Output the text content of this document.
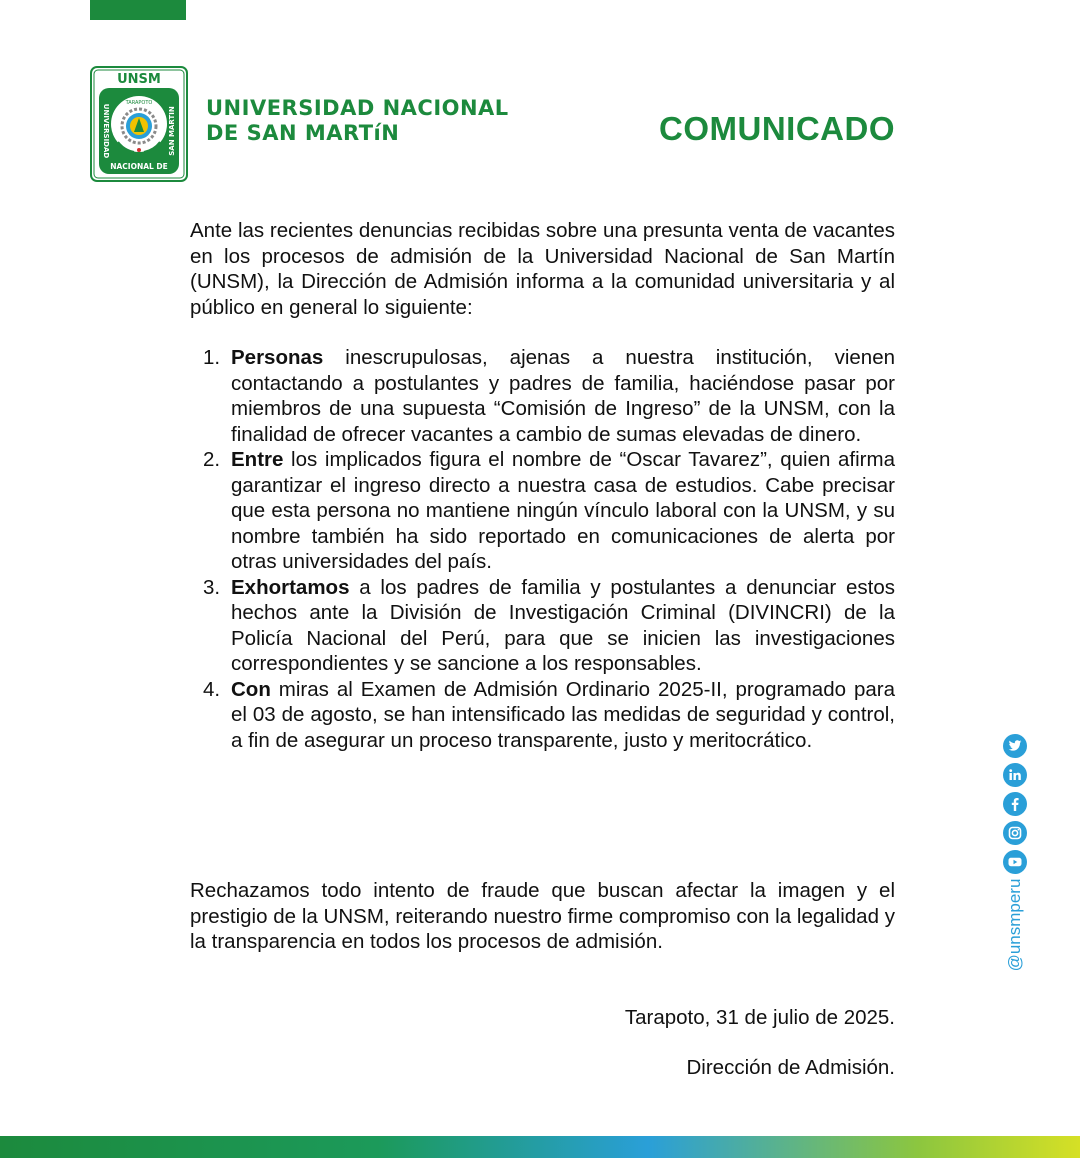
UNSM
UNIVERSIDAD	SAN MARTIN
NACIONAL DE
TARAPOTO	UNIVERSIDAD NACIONAL
DE SAN MARTíN	COMUNICADO

Ante las recientes denuncias recibidas sobre una presunta venta de vacantes en los procesos de admisión de la Universidad Nacional de San Martín (UNSM), la Dirección de Admisión informa a la comunidad universitaria y al público en general lo siguiente:

1. Personas inescrupulosas, ajenas a nuestra institución, vienen contactando a postulantes y padres de familia, haciéndose pasar por miembros de una supuesta “Comisión de Ingreso” de la UNSM, con la finalidad de ofrecer vacantes a cambio de sumas elevadas de dinero.
2. Entre los implicados figura el nombre de “Oscar Tavarez”, quien afirma garantizar el ingreso directo a nuestra casa de estudios. Cabe precisar que esta persona no mantiene ningún vínculo laboral con la UNSM, y su nombre también ha sido reportado en comunicaciones de alerta por otras universidades del país.
3. Exhortamos a los padres de familia y postulantes a denunciar estos hechos ante la División de Investigación Criminal (DIVINCRI) de la Policía Nacional del Perú, para que se inicien las investigaciones correspondientes y se sancione a los responsables.
4. Con miras al Examen de Admisión Ordinario 2025-II, programado para el 03 de agosto, se han intensificado las medidas de seguridad y control, a fin de asegurar un proceso transparente, justo y meritocrático.

Rechazamos todo intento de fraude que buscan afectar la imagen y el prestigio de la UNSM, reiterando nuestro firme compromiso con la legalidad y la transparencia en todos los procesos de admisión.

Tarapoto, 31 de julio de 2025.
Dirección de Admisión.
@unsmperu
